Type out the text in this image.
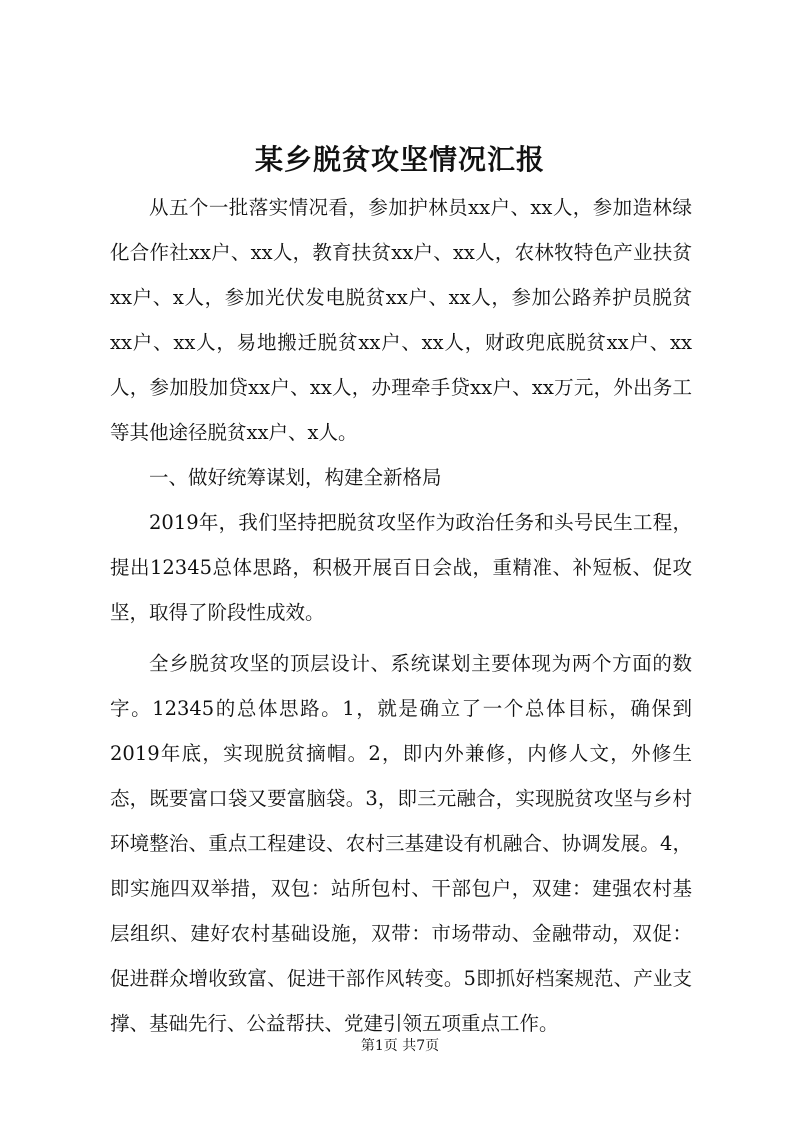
某乡脱贫攻坚情况汇报

从五个一批落实情况看，参加护林员xx户、xx人，参加造林绿化合作社xx户、xx人，教育扶贫xx户、xx人，农林牧特色产业扶贫xx户、x人，参加光伏发电脱贫xx户、xx人，参加公路养护员脱贫xx户、xx人，易地搬迁脱贫xx户、xx人，财政兜底脱贫xx户、xx人，参加股加贷xx户、xx人，办理牵手贷xx户、xx万元，外出务工等其他途径脱贫xx户、x人。

一、做好统筹谋划，构建全新格局

2019年，我们坚持把脱贫攻坚作为政治任务和头号民生工程，提出12345总体思路，积极开展百日会战，重精准、补短板、促攻坚，取得了阶段性成效。

全乡脱贫攻坚的顶层设计、系统谋划主要体现为两个方面的数字。12345的总体思路。1，就是确立了一个总体目标，确保到2019年底，实现脱贫摘帽。2，即内外兼修，内修人文，外修生态，既要富口袋又要富脑袋。3，即三元融合，实现脱贫攻坚与乡村环境整治、重点工程建设、农村三基建设有机融合、协调发展。4，即实施四双举措，双包：站所包村、干部包户，双建：建强农村基层组织、建好农村基础设施，双带：市场带动、金融带动，双促：促进群众增收致富、促进干部作风转变。5即抓好档案规范、产业支撑、基础先行、公益帮扶、党建引领五项重点工作。

第1页 共7页
